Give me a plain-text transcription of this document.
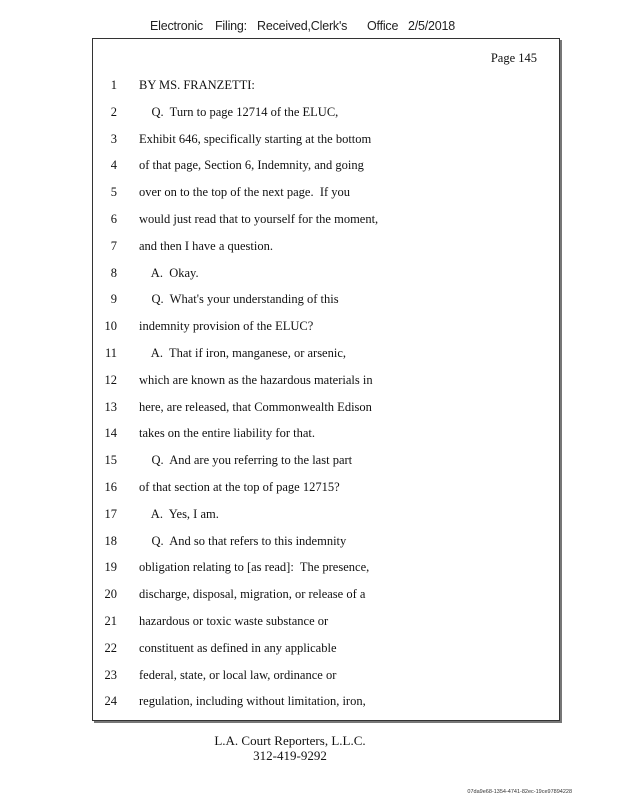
Electronic

Filing:

Received,Clerk's

Office

2/5/2018

Page 145
1 BY MS. FRANZETTI:
2 Q.  Turn to page 12714 of the ELUC,
3 Exhibit 646, specifically starting at the bottom
4 of that page, Section 6, Indemnity, and going
5 over on to the top of the next page.  If you
6 would just read that to yourself for the moment,
7 and then I have a question.
8 A.  Okay.
9 Q.  What's your understanding of this
10 indemnity provision of the ELUC?
11 A.  That if iron, manganese, or arsenic,
12 which are known as the hazardous materials in
13 here, are released, that Commonwealth Edison
14 takes on the entire liability for that.
15 Q.  And are you referring to the last part
16 of that section at the top of page 12715?
17 A.  Yes, I am.
18 Q.  And so that refers to this indemnity
19 obligation relating to [as read]:  The presence,
20 discharge, disposal, migration, or release of a
21 hazardous or toxic waste substance or
22 constituent as defined in any applicable
23 federal, state, or local law, ordinance or
24 regulation, including without limitation, iron,
L.A. Court Reporters, L.L.C.
312-419-9292
07da9e68-1354-4741-82ec-19ce97894228
